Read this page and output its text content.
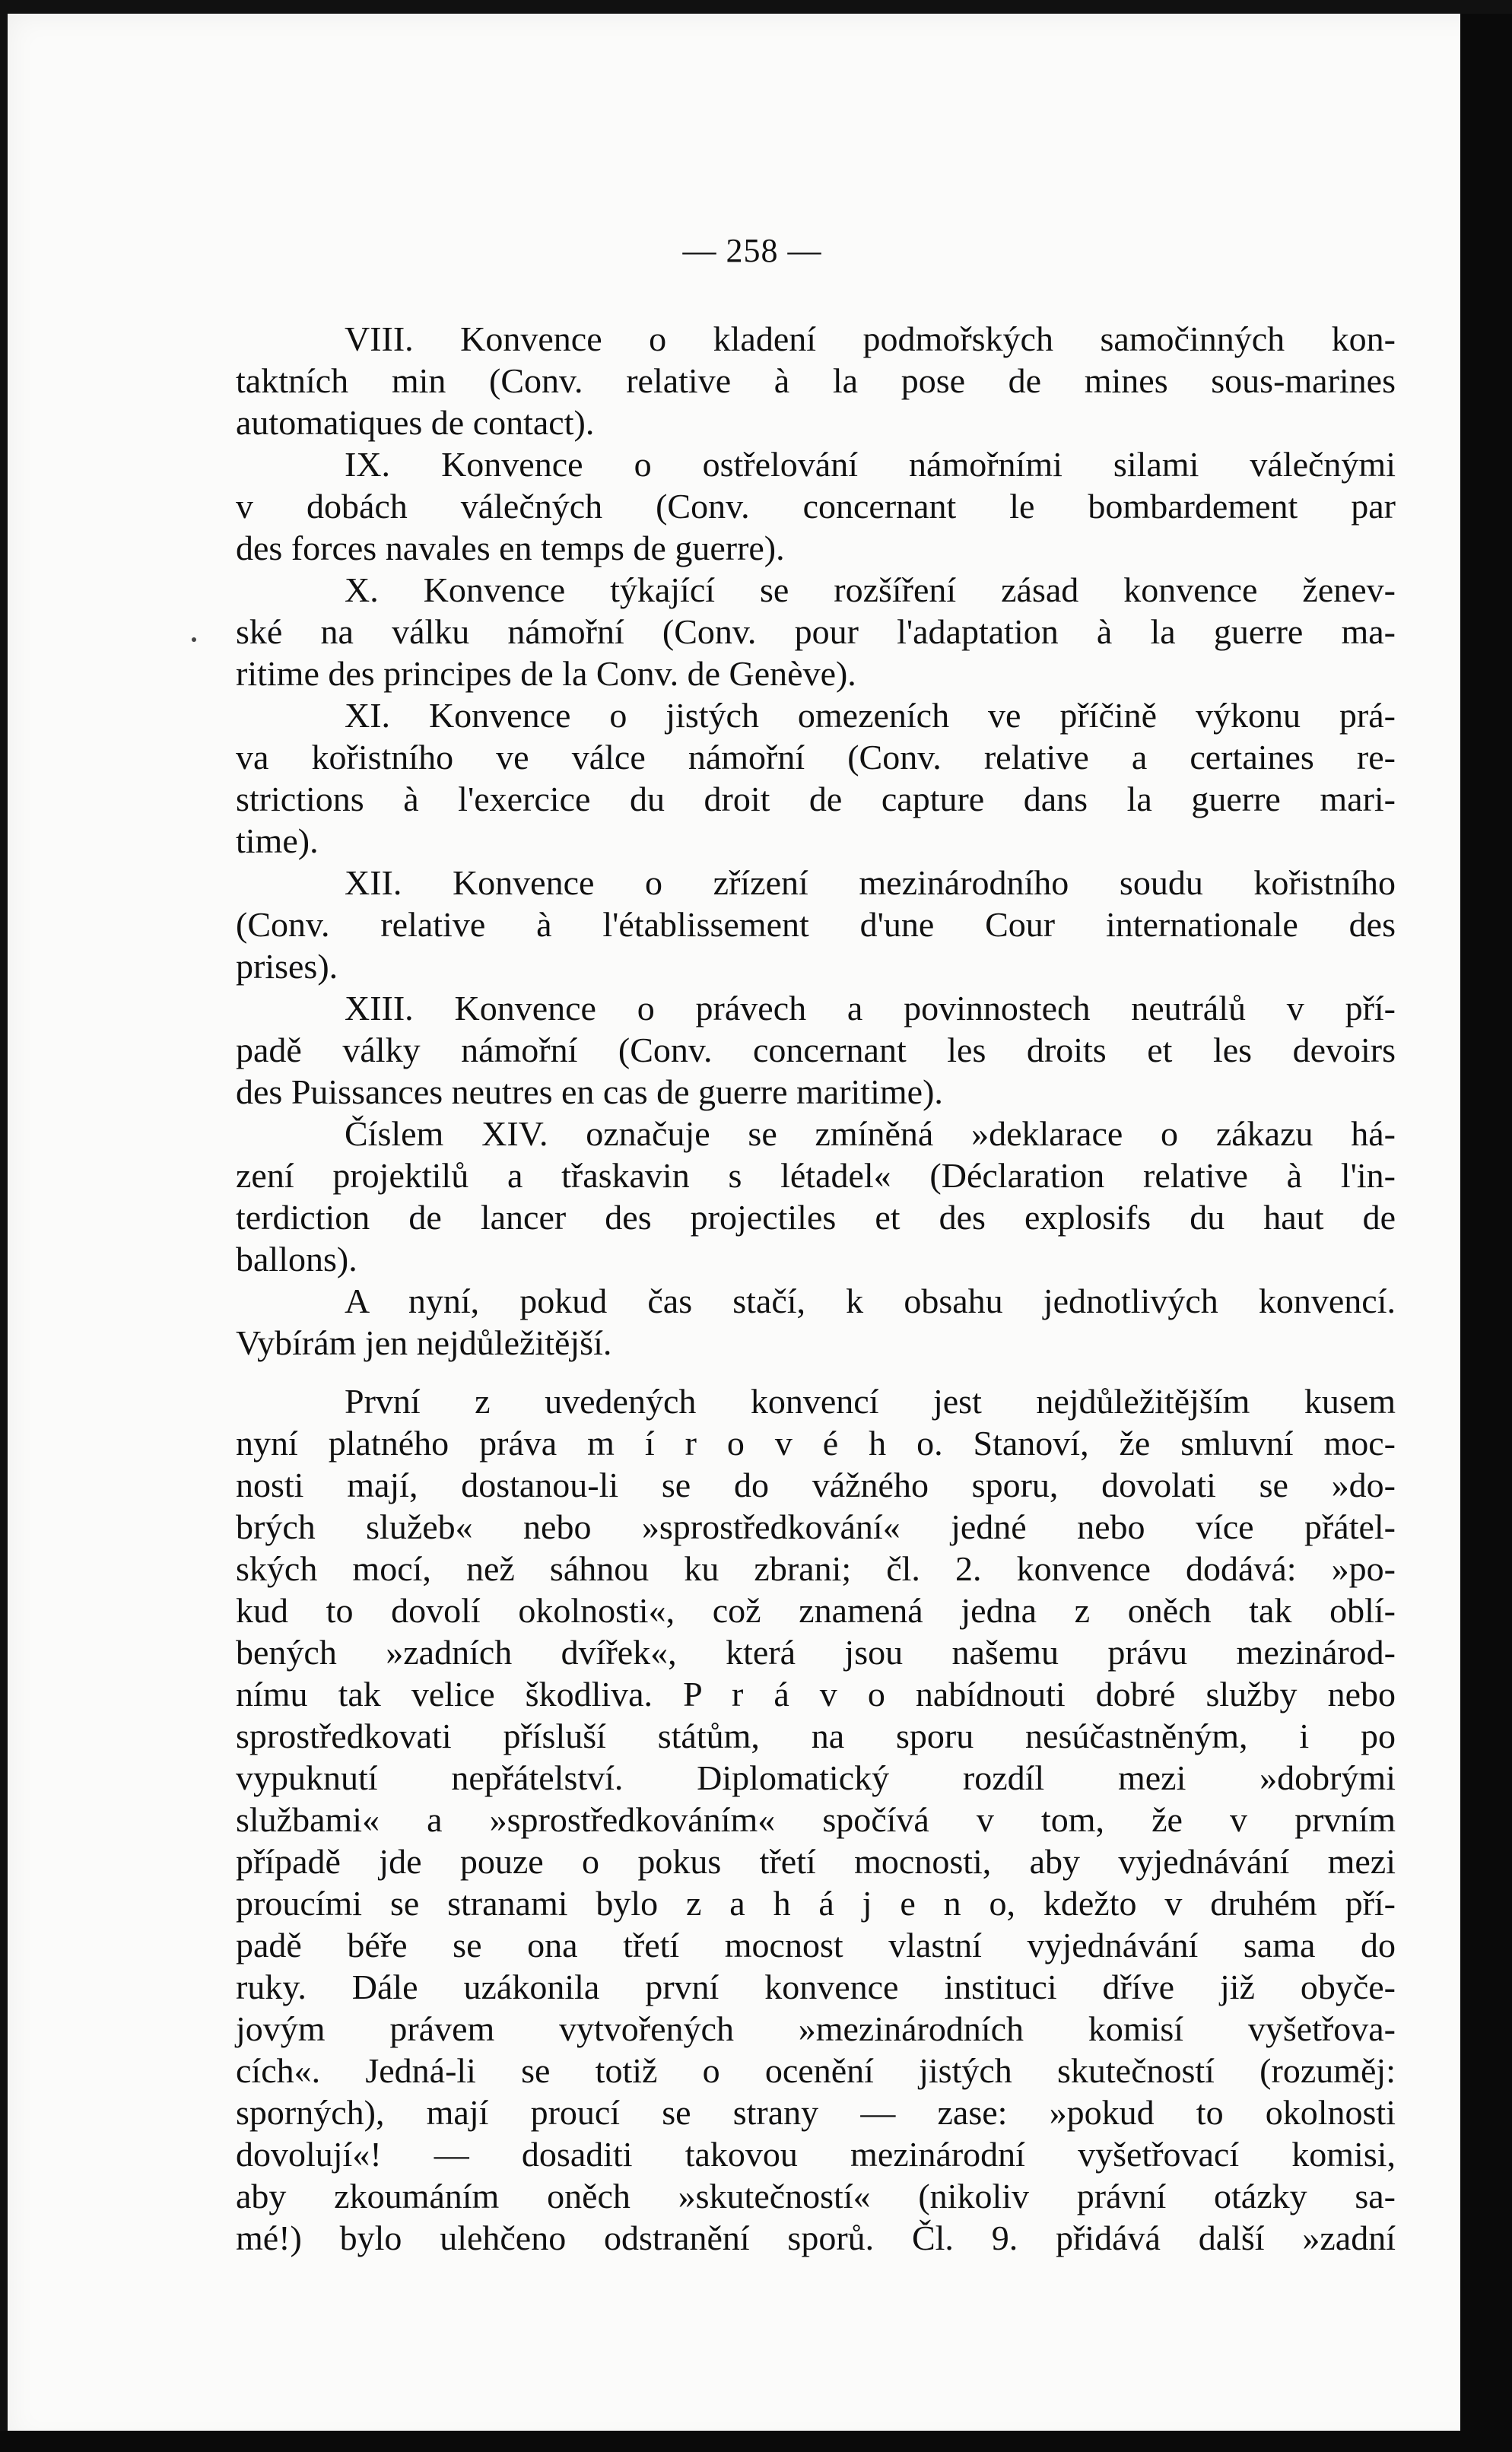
— 258 —
VIII. Konvence o kladení podmořských samočinných kon-
taktních min (Conv. relative à la pose de mines sous-marines
automatiques de contact).
IX. Konvence o ostřelování námořními silami válečnými
v dobách válečných (Conv. concernant le bombardement par
des forces navales en temps de guerre).
X. Konvence týkající se rozšíření zásad konvence ženev-
ské na válku námořní (Conv. pour l'adaptation à la guerre ma-
ritime des principes de la Conv. de Genève).
XI. Konvence o jistých omezeních ve příčině výkonu prá-
va kořistního ve válce námořní (Conv. relative a certaines re-
strictions à l'exercice du droit de capture dans la guerre mari-
time).
XII. Konvence o zřízení mezinárodního soudu kořistního
(Conv. relative à l'établissement d'une Cour internationale des
prises).
XIII. Konvence o právech a povinnostech neutrálů v pří-
padě války námořní (Conv. concernant les droits et les devoirs
des Puissances neutres en cas de guerre maritime).
Číslem XIV. označuje se zmíněná »deklarace o zákazu há-
zení projektilů a třaskavin s létadel« (Déclaration relative à l'in-
terdiction de lancer des projectiles et des explosifs du haut de
ballons).
A nyní, pokud čas stačí, k obsahu jednotlivých konvencí.
Vybírám jen nejdůležitější.
První z uvedených konvencí jest nejdůležitějším kusem
nyní platného práva m í r o v é h o. Stanoví, že smluvní moc-
nosti mají, dostanou-li se do vážného sporu, dovolati se »do-
brých služeb« nebo »sprostředkování« jedné nebo více přátel-
ských mocí, než sáhnou ku zbrani; čl. 2. konvence dodává: »po-
kud to dovolí okolnosti«, což znamená jedna z oněch tak oblí-
bených »zadních dvířek«, která jsou našemu právu mezinárod-
nímu tak velice škodliva. P r á v o nabídnouti dobré služby nebo
sprostředkovati přísluší státům, na sporu nesúčastněným, i po
vypuknutí nepřátelství. Diplomatický rozdíl mezi »dobrými
službami« a »sprostředkováním« spočívá v tom, že v prvním
případě jde pouze o pokus třetí mocnosti, aby vyjednávání mezi
proucími se stranami bylo z a h á j e n o, kdežto v druhém pří-
padě béře se ona třetí mocnost vlastní vyjednávání sama do
ruky. Dále uzákonila první konvence instituci dříve již obyče-
jovým právem vytvořených »mezinárodních komisí vyšetřova-
cích«. Jedná-li se totiž o ocenění jistých skutečností (rozuměj:
sporných), mají proucí se strany — zase: »pokud to okolnosti
dovolují«! — dosaditi takovou mezinárodní vyšetřovací komisi,
aby zkoumáním oněch »skutečností« (nikoliv právní otázky sa-
mé!) bylo ulehčeno odstranění sporů. Čl. 9. přidává další »zadní
